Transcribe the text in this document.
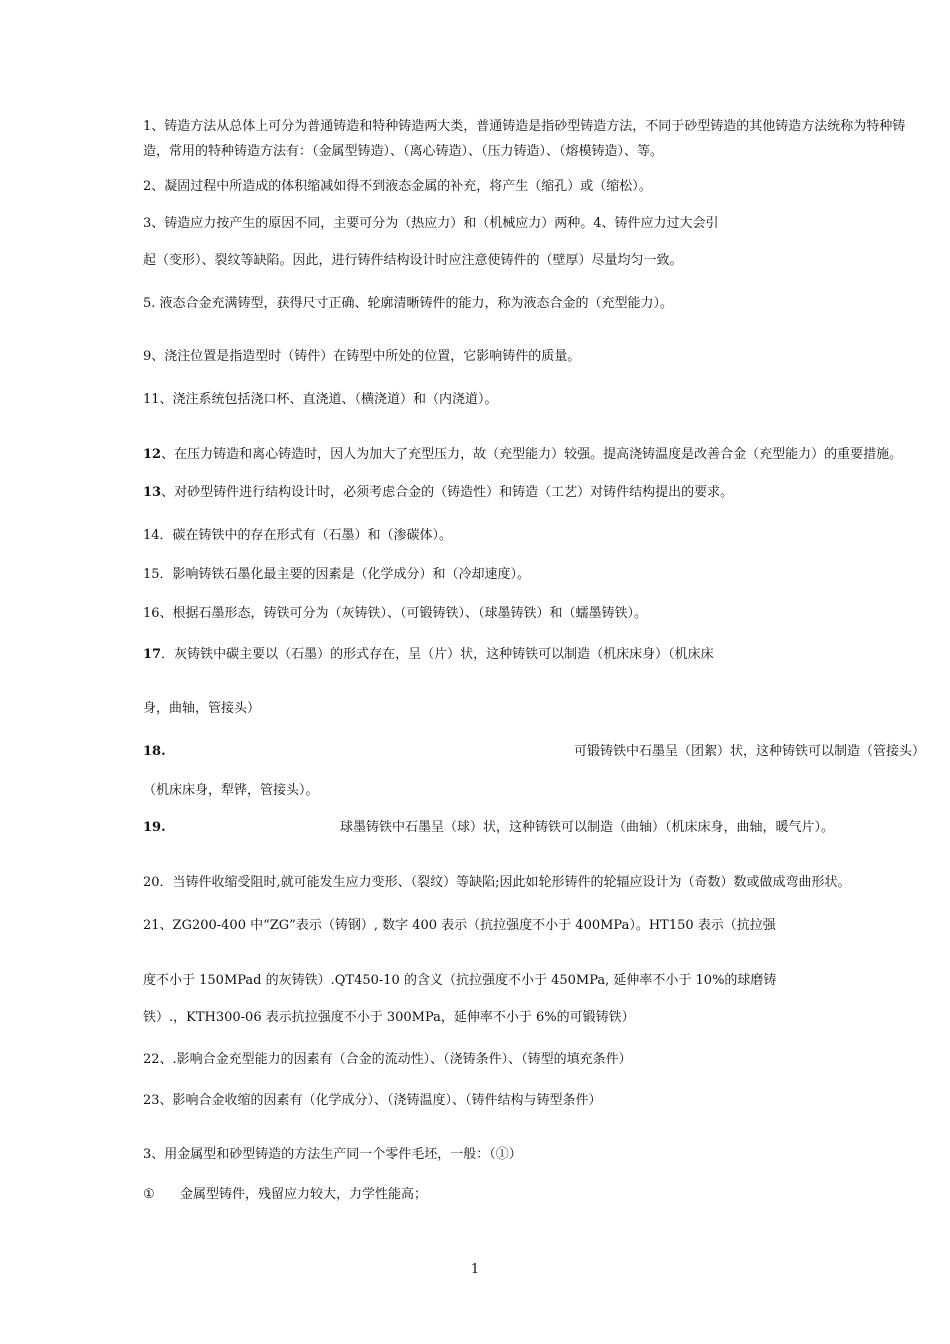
1、铸造方法从总体上可分为普通铸造和特种铸造两大类，普通铸造是指砂型铸造方法，不同于砂型铸造的其他铸造方法统称为特种铸
造，常用的特种铸造方法有：（金属型铸造）、（离心铸造）、（压力铸造）、（熔模铸造）、等。
2、凝固过程中所造成的体积缩减如得不到液态金属的补充，将产生（缩孔）或（缩松）。
3、铸造应力按产生的原因不同，主要可分为（热应力）和（机械应力）两种。4、铸件应力过大会引
起（变形）、裂纹等缺陷。因此，进行铸件结构设计时应注意使铸件的（壁厚）尽量均匀一致。
5. 液态合金充满铸型，获得尺寸正确、轮廓清晰铸件的能力，称为液态合金的（充型能力）。
9、浇注位置是指造型时（铸件）在铸型中所处的位置，它影响铸件的质量。
11、浇注系统包括浇口杯、直浇道、（横浇道）和（内浇道）。
12、在压力铸造和离心铸造时，因人为加大了充型压力，故（充型能力）较强。提高浇铸温度是改善合金（充型能力）的重要措施。
13、对砂型铸件进行结构设计时，必须考虑合金的（铸造性）和铸造（工艺）对铸件结构提出的要求。
14．碳在铸铁中的存在形式有（石墨）和（渗碳体）。
15．影响铸铁石墨化最主要的因素是（化学成分）和（冷却速度）。
16、根据石墨形态，铸铁可分为（灰铸铁）、（可锻铸铁）、（球墨铸铁）和（蠕墨铸铁）。
17．灰铸铁中碳主要以（石墨）的形式存在，呈（片）状，这种铸铁可以制造（机床床身）（机床床
身，曲轴，管接头）
18.	可锻铸铁中石墨呈（团絮）状，这种铸铁可以制造（管接头）
（机床床身，犁铧，管接头）。
19.	球墨铸铁中石墨呈（球）状，这种铸铁可以制造（曲轴）（机床床身，曲轴，暖气片）。
20．当铸件收缩受阻时,就可能发生应力变形、（裂纹）等缺陷;因此如轮形铸件的轮辐应设计为（奇数）数或做成弯曲形状。
21、ZG200-400 中“ZG”表示（铸钢）, 数字 400 表示（抗拉强度不小于 400MPa）。HT150 表示（抗拉强
度不小于 150MPad 的灰铸铁）.QT450-10 的含义（抗拉强度不小于 450MPa, 延伸率不小于 10%的球磨铸
铁）.，KTH300-06 表示抗拉强度不小于 300MPa，延伸率不小于 6%的可锻铸铁）
22、.影响合金充型能力的因素有（合金的流动性）、（浇铸条件）、（铸型的填充条件）
23、影响合金收缩的因素有（化学成分）、（浇铸温度）、（铸件结构与铸型条件）
3、用金属型和砂型铸造的方法生产同一个零件毛坯，一般：（①）
① 金属型铸件，残留应力较大，力学性能高；
1
